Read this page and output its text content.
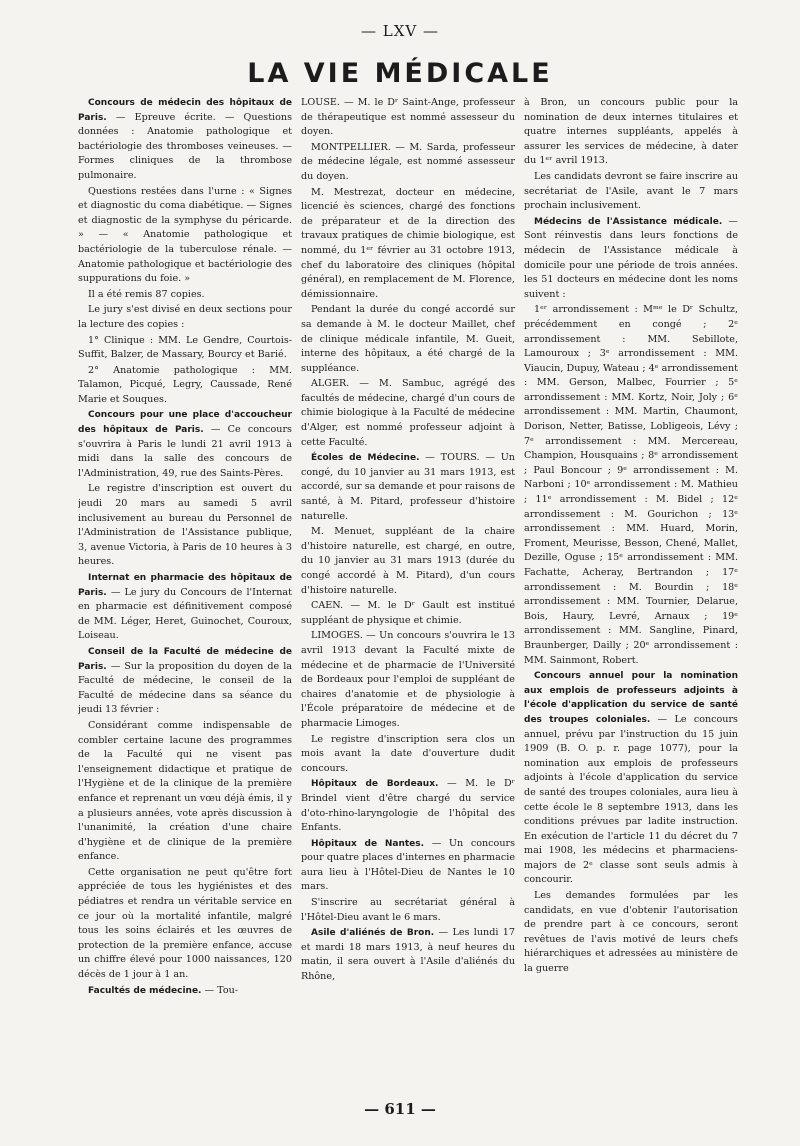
— LXV —
LA VIE MÉDICALE

Concours de médecin des hôpitaux de Paris. — Epreuve écrite. — Questions données : Anatomie pathologique et bactériologie des thromboses veineuses. — Formes cliniques de la thrombose pulmonaire.

Questions restées dans l'urne : « Signes et diagnostic du coma diabétique. — Signes et diagnostic de la symphyse du péricarde. » — « Anatomie pathologique et bactériologie de la tuberculose rénale. — Anatomie pathologique et bactériologie des suppurations du foie. »

Il a été remis 87 copies.

Le jury s'est divisé en deux sections pour la lecture des copies :

1° Clinique : MM. Le Gendre, Courtois-Suffit, Balzer, de Massary, Bourcy et Barié.

2° Anatomie pathologique : MM. Talamon, Picqué, Legry, Caussade, René Marie et Souques.

Concours pour une place d'accoucheur des hôpitaux de Paris. — Ce concours s'ouvrira à Paris le lundi 21 avril 1913 à midi dans la salle des concours de l'Administration, 49, rue des Saints-Pères.

Le registre d'inscription est ouvert du jeudi 20 mars au samedi 5 avril inclusivement au bureau du Personnel de l'Administration de l'Assistance publique, 3, avenue Victoria, à Paris de 10 heures à 3 heures.

Internat en pharmacie des hôpitaux de Paris. — Le jury du Concours de l'Internat en pharmacie est définitivement composé de MM. Léger, Heret, Guinochet, Couroux, Loiseau.

Conseil de la Faculté de médecine de Paris. — Sur la proposition du doyen de la Faculté de médecine, le conseil de la Faculté de médecine dans sa séance du jeudi 13 février :

Considérant comme indispensable de combler certaine lacune des programmes de la Faculté qui ne visent pas l'enseignement didactique et pratique de l'Hygiène et de la clinique de la première enfance et reprenant un vœu déjà émis, il y a plusieurs années, vote après discussion à l'unanimité, la création d'une chaire d'hygiène et de clinique de la première enfance.

Cette organisation ne peut qu'être fort appréciée de tous les hygiénistes et des pédiatres et rendra un véritable service en ce jour où la mortalité infantile, malgré tous les soins éclairés et les œuvres de protection de la première enfance, accuse un chiffre élevé pour 1000 naissances, 120 décès de 1 jour à 1 an.

Facultés de médecine. — Tou-

LOUSE. — M. le Dʳ Saint-Ange, professeur de thérapeutique est nommé assesseur du doyen.

MONTPELLIER. — M. Sarda, professeur de médecine légale, est nommé assesseur du doyen.

M. Mestrezat, docteur en médecine, licencié ès sciences, chargé des fonctions de préparateur et de la direction des travaux pratiques de chimie biologique, est nommé, du 1ᵉʳ février au 31 octobre 1913, chef du laboratoire des cliniques (hôpital général), en remplacement de M. Florence, démissionnaire.

Pendant la durée du congé accordé sur sa demande à M. le docteur Maillet, chef de clinique médicale infantile, M. Gueit, interne des hôpitaux, a été chargé de la suppléance.

ALGER. — M. Sambuc, agrégé des facultés de médecine, chargé d'un cours de chimie biologique à la Faculté de médecine d'Alger, est nommé professeur adjoint à cette Faculté.

Écoles de Médecine. — TOURS. — Un congé, du 10 janvier au 31 mars 1913, est accordé, sur sa demande et pour raisons de santé, à M. Pitard, professeur d'histoire naturelle.

M. Menuet, suppléant de la chaire d'histoire naturelle, est chargé, en outre, du 10 janvier au 31 mars 1913 (durée du congé accordé à M. Pitard), d'un cours d'histoire naturelle.

CAEN. — M. le Dʳ Gault est institué suppléant de physique et chimie.

LIMOGES. — Un concours s'ouvrira le 13 avril 1913 devant la Faculté mixte de médecine et de pharmacie de l'Université de Bordeaux pour l'emploi de suppléant de chaires d'anatomie et de physiologie à l'École préparatoire de médecine et de pharmacie Limoges.

Le registre d'inscription sera clos un mois avant la date d'ouverture dudit concours.

Hôpitaux de Bordeaux. — M. le Dʳ Brindel vient d'être chargé du service d'oto-rhino-laryngologie de l'hôpital des Enfants.

Hôpitaux de Nantes. — Un concours pour quatre places d'internes en pharmacie aura lieu à l'Hôtel-Dieu de Nantes le 10 mars.

S'inscrire au secrétariat général à l'Hôtel-Dieu avant le 6 mars.

Asile d'aliénés de Bron. — Les lundi 17 et mardi 18 mars 1913, à neuf heures du matin, il sera ouvert à l'Asile d'aliénés du Rhône,

à Bron, un concours public pour la nomination de deux internes titulaires et quatre internes suppléants, appelés à assurer les services de médecine, à dater du 1ᵉʳ avril 1913.

Les candidats devront se faire inscrire au secrétariat de l'Asile, avant le 7 mars prochain inclusivement.

Médecins de l'Assistance médicale. — Sont réinvestis dans leurs fonctions de médecin de l'Assistance médicale à domicile pour une période de trois années. les 51 docteurs en médecine dont les noms suivent :

1ᵉʳ arrondissement : Mᵐᵉ le Dʳ Schultz, précédemment en congé ; 2ᵉ arrondissement : MM. Sebillote, Lamouroux ; 3ᵉ arrondissement : MM. Viaucin, Dupuy, Wateau ; 4ᵉ arrondissement : MM. Gerson, Malbec, Fourrier ; 5ᵉ arrondissement : MM. Kortz, Noir, Joly ; 6ᵉ arrondissement : MM. Martin, Chaumont, Dorison, Netter, Batisse, Lobligeois, Lévy ; 7ᵉ arrondissement : MM. Mercereau, Champion, Housquains ; 8ᵉ arrondissement ; Paul Boncour ; 9ᵉ arrondissement : M. Narboni ; 10ᵉ arrondissement : M. Mathieu ; 11ᵉ arrondissement : M. Bidel ; 12ᵉ arrondissement : M. Gourichon ; 13ᵉ arrondissement : MM. Huard, Morin, Froment, Meurisse, Besson, Chené, Mallet, Dezille, Oguse ; 15ᵉ arrondissement : MM. Fachatte, Acheray, Bertrandon ; 17ᵉ arrondissement : M. Bourdin ; 18ᵉ arrondissement : MM. Tournier, Delarue, Bois, Haury, Levré, Arnaux ; 19ᵉ arrondissement : MM. Sangline, Pinard, Braunberger, Dailly ; 20ᵉ arrondissement : MM. Sainmont, Robert.

Concours annuel pour la nomination aux emplois de professeurs adjoints à l'école d'application du service de santé des troupes coloniales. — Le concours annuel, prévu par l'instruction du 15 juin 1909 (B. O. p. r. page 1077), pour la nomination aux emplois de professeurs adjoints à l'école d'application du service de santé des troupes coloniales, aura lieu à cette école le 8 septembre 1913, dans les conditions prévues par ladite instruction. En exécution de l'article 11 du décret du 7 mai 1908, les médecins et pharmaciens-majors de 2ᵉ classe sont seuls admis à concourir.

Les demandes formulées par les candidats, en vue d'obtenir l'autorisation de prendre part à ce concours, seront revêtues de l'avis motivé de leurs chefs hiérarchiques et adressées au ministère de la guerre

— 611 —
